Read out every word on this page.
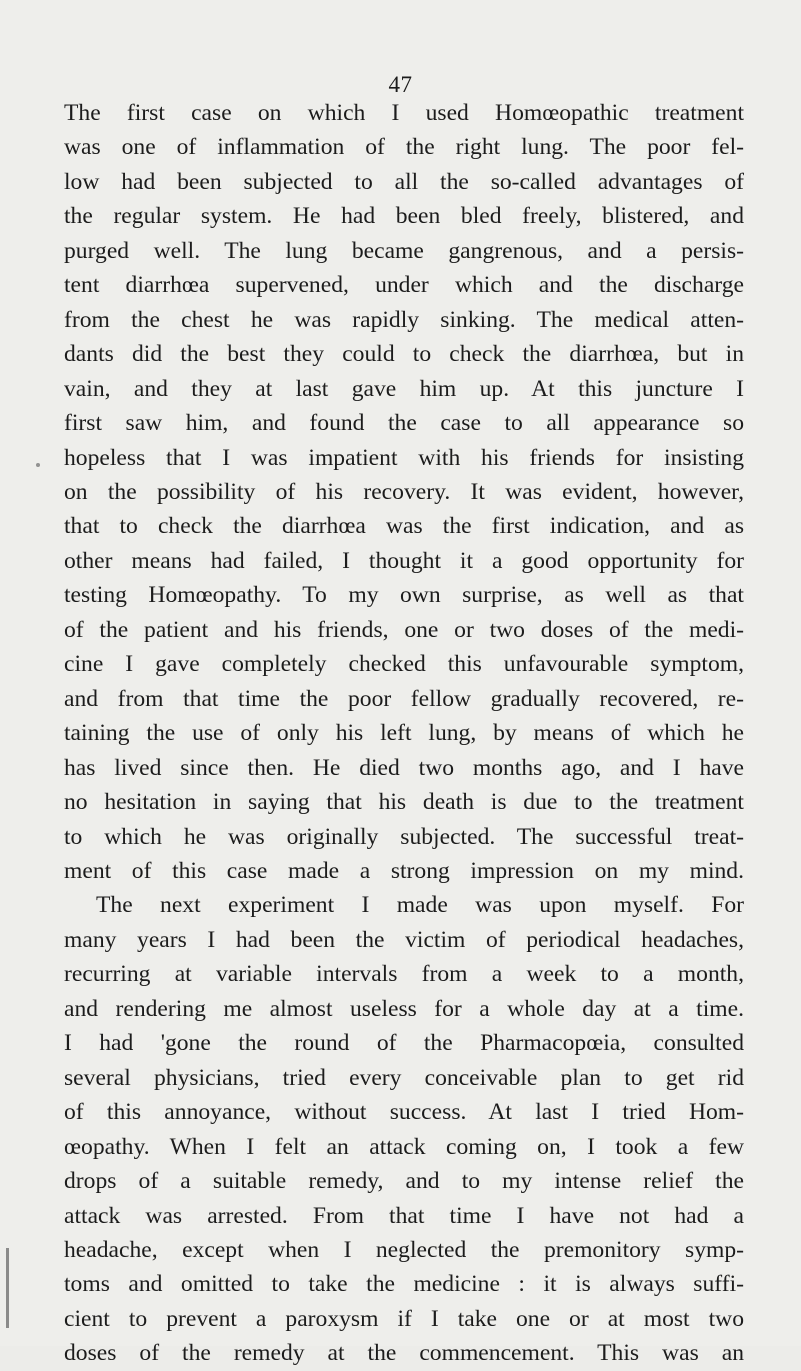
47
The first case on which I used Homœopathic treatment
was one of inflammation of the right lung. The poor fel-
low had been subjected to all the so-called advantages of
the regular system. He had been bled freely, blistered, and
purged well. The lung became gangrenous, and a persis-
tent diarrhœa supervened, under which and the discharge
from the chest he was rapidly sinking. The medical atten-
dants did the best they could to check the diarrhœa, but in
vain, and they at last gave him up. At this juncture I
first saw him, and found the case to all appearance so
hopeless that I was impatient with his friends for insisting
on the possibility of his recovery. It was evident, however,
that to check the diarrhœa was the first indication, and as
other means had failed, I thought it a good opportunity for
testing Homœopathy. To my own surprise, as well as that
of the patient and his friends, one or two doses of the medi-
cine I gave completely checked this unfavourable symptom,
and from that time the poor fellow gradually recovered, re-
taining the use of only his left lung, by means of which he
has lived since then. He died two months ago, and I have
no hesitation in saying that his death is due to the treatment
to which he was originally subjected. The successful treat-
ment of this case made a strong impression on my mind.
The next experiment I made was upon myself. For
many years I had been the victim of periodical headaches,
recurring at variable intervals from a week to a month,
and rendering me almost useless for a whole day at a time.
I had 'gone the round of the Pharmacopœia, consulted
several physicians, tried every conceivable plan to get rid
of this annoyance, without success. At last I tried Hom-
œopathy. When I felt an attack coming on, I took a few
drops of a suitable remedy, and to my intense relief the
attack was arrested. From that time I have not had a
headache, except when I neglected the premonitory symp-
toms and omitted to take the medicine : it is always suffi-
cient to prevent a paroxysm if I take one or at most two
doses of the remedy at the commencement. This was an
